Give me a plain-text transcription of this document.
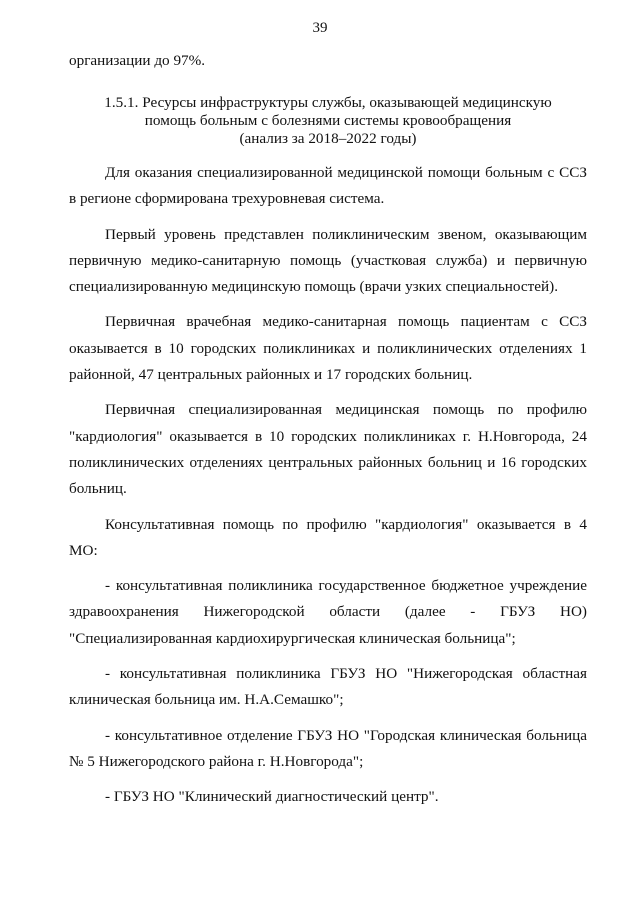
39
организации до 97%.
1.5.1. Ресурсы инфраструктуры службы, оказывающей медицинскую
помощь больным с болезнями системы кровообращения
(анализ за 2018–2022 годы)

Для оказания специализированной медицинской помощи больным с ССЗ в регионе сформирована трехуровневая система.

Первый уровень представлен поликлиническим звеном, оказывающим первичную медико-санитарную помощь (участковая служба) и первичную специализированную медицинскую помощь (врачи узких специальностей).

Первичная врачебная медико-санитарная помощь пациентам с ССЗ оказывается в 10 городских поликлиниках и поликлинических отделениях 1 районной, 47 центральных районных и 17 городских больниц.

Первичная специализированная медицинская помощь по профилю "кардиология" оказывается в 10 городских поликлиниках г. Н.Новгорода, 24 поликлинических отделениях центральных районных больниц и 16 городских больниц.

Консультативная помощь по профилю "кардиология" оказывается в 4 МО:

- консультативная поликлиника государственное бюджетное учреждение здравоохранения Нижегородской области (далее - ГБУЗ НО) "Специализированная кардиохирургическая клиническая больница";

- консультативная поликлиника ГБУЗ НО "Нижегородская областная клиническая больница им. Н.А.Семашко";

- консультативное отделение ГБУЗ НО "Городская клиническая больница № 5 Нижегородского района г. Н.Новгорода";

- ГБУЗ НО "Клинический диагностический центр".
